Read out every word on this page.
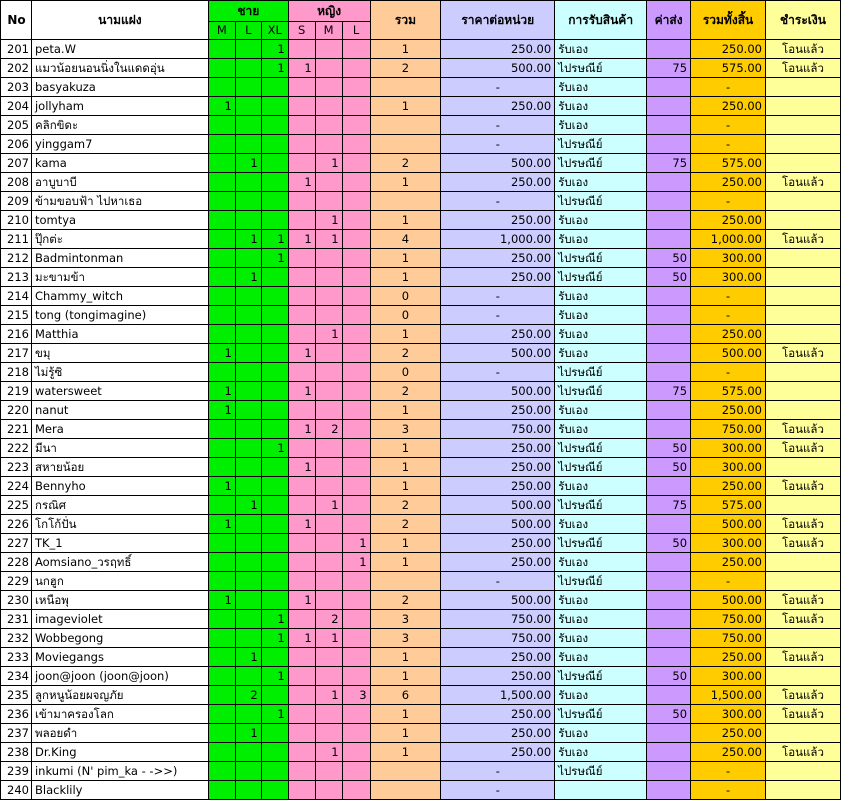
No	นามแฝง	ชาย			หญิง			รวม	ราคาต่อหน่วย	การรับสินค้า	ค่าส่ง	รวมทั้งสิ้น	ชำระเงิน
		M	L	XL	S	M	L						
201	peta.W			1				1	250.00	รับเอง		250.00	โอนแล้ว
202	แมวน้อยนอนนิ่งในแดดอุ่น			1	1			2	500.00	ไปรษณีย์	75	575.00	โอนแล้ว
203	basyakuza								-	รับเอง		-	
204	jollyham	1						1	250.00	รับเอง		250.00	
205	คลิกขิดะ								-	รับเอง		-	
206	yinggam7								-	ไปรษณีย์		-	
207	kama		1			1		2	500.00	ไปรษณีย์	75	575.00	
208	อาบูบาบี				1			1	250.00	รับเอง		250.00	โอนแล้ว
209	ข้ามขอบฟ้า ไปหาเธอ								-	ไปรษณีย์		-	
210	tomtya					1		1	250.00	รับเอง		250.00	
211	ปุ๊กต่ะ		1	1	1	1		4	1,000.00	รับเอง		1,000.00	โอนแล้ว
212	Badmintonman			1				1	250.00	ไปรษณีย์	50	300.00	
213	มะขามข้า		1					1	250.00	ไปรษณีย์	50	300.00	
214	Chammy_witch							0	-	รับเอง		-	
215	tong (tongimagine)							0	-	รับเอง		-	
216	Matthia					1		1	250.00	รับเอง		250.00	
217	ขมุ	1			1			2	500.00	รับเอง		500.00	โอนแล้ว
218	ไม่รู้ซิ							0	-	ไปรษณีย์		-	
219	watersweet	1			1			2	500.00	ไปรษณีย์	75	575.00	
220	nanut	1						1	250.00	รับเอง		250.00	
221	Mera				1	2		3	750.00	รับเอง		750.00	โอนแล้ว
222	มีนา			1				1	250.00	ไปรษณีย์	50	300.00	โอนแล้ว
223	สหายน้อย				1			1	250.00	ไปรษณีย์	50	300.00	
224	Bennyho	1						1	250.00	รับเอง		250.00	โอนแล้ว
225	กรณิศ		1			1		2	500.00	ไปรษณีย์	75	575.00	
226	โกโก้ปั่น	1			1			2	500.00	รับเอง		500.00	โอนแล้ว
227	TK_1						1	1	250.00	ไปรษณีย์	50	300.00	โอนแล้ว
228	Aomsiano_วรฤทธิ์						1	1	250.00	รับเอง		250.00	
229	นกฮูก								-	ไปรษณีย์		-	
230	เหนือพุ	1			1			2	500.00	รับเอง		500.00	โอนแล้ว
231	imageviolet			1		2		3	750.00	รับเอง		750.00	โอนแล้ว
232	Wobbegong			1	1	1		3	750.00	รับเอง		750.00	
233	Moviegangs		1					1	250.00	รับเอง		250.00	โอนแล้ว
234	joon@joon (joon@joon)			1				1	250.00	ไปรษณีย์	50	300.00	
235	ลูกหนูน้อยผจญภัย		2			1	3	6	1,500.00	รับเอง		1,500.00	โอนแล้ว
236	เข้ามาครองโลก			1				1	250.00	ไปรษณีย์	50	300.00	โอนแล้ว
237	พลอยดำ		1					1	250.00	รับเอง		250.00	
238	Dr.King					1		1	250.00	รับเอง		250.00	โอนแล้ว
239	inkumi (N' pim_ka - ->>)								-	ไปรษณีย์		-	
240	Blacklily								-			-	
